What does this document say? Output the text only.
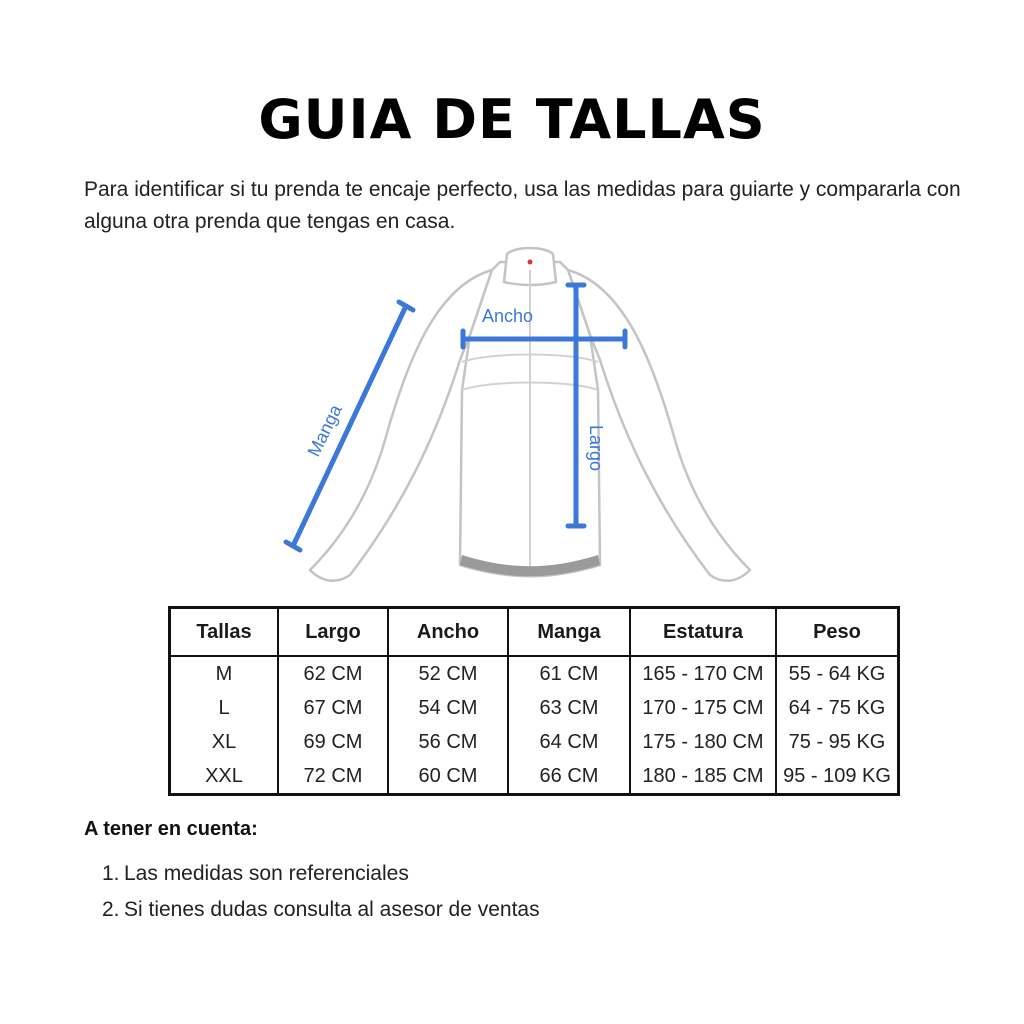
GUIA DE TALLAS

Para identificar si tu prenda te encaje perfecto, usa las medidas para guiarte y compararla con alguna otra prenda que tengas en casa.

Ancho
Largo
Manga
Tallas	Largo	Ancho	Manga	Estatura	Peso
M	62 CM	52 CM	61 CM	165 - 170 CM	55 - 64 KG
L	67 CM	54 CM	63 CM	170 - 175 CM	64 - 75 KG
XL	69 CM	56 CM	64 CM	175 - 180 CM	75 - 95 KG
XXL	72 CM	60 CM	66 CM	180 - 185 CM	95 - 109 KG

A tener en cuenta:

1. Las medidas son referenciales
2. Si tienes dudas consulta al asesor de ventas
